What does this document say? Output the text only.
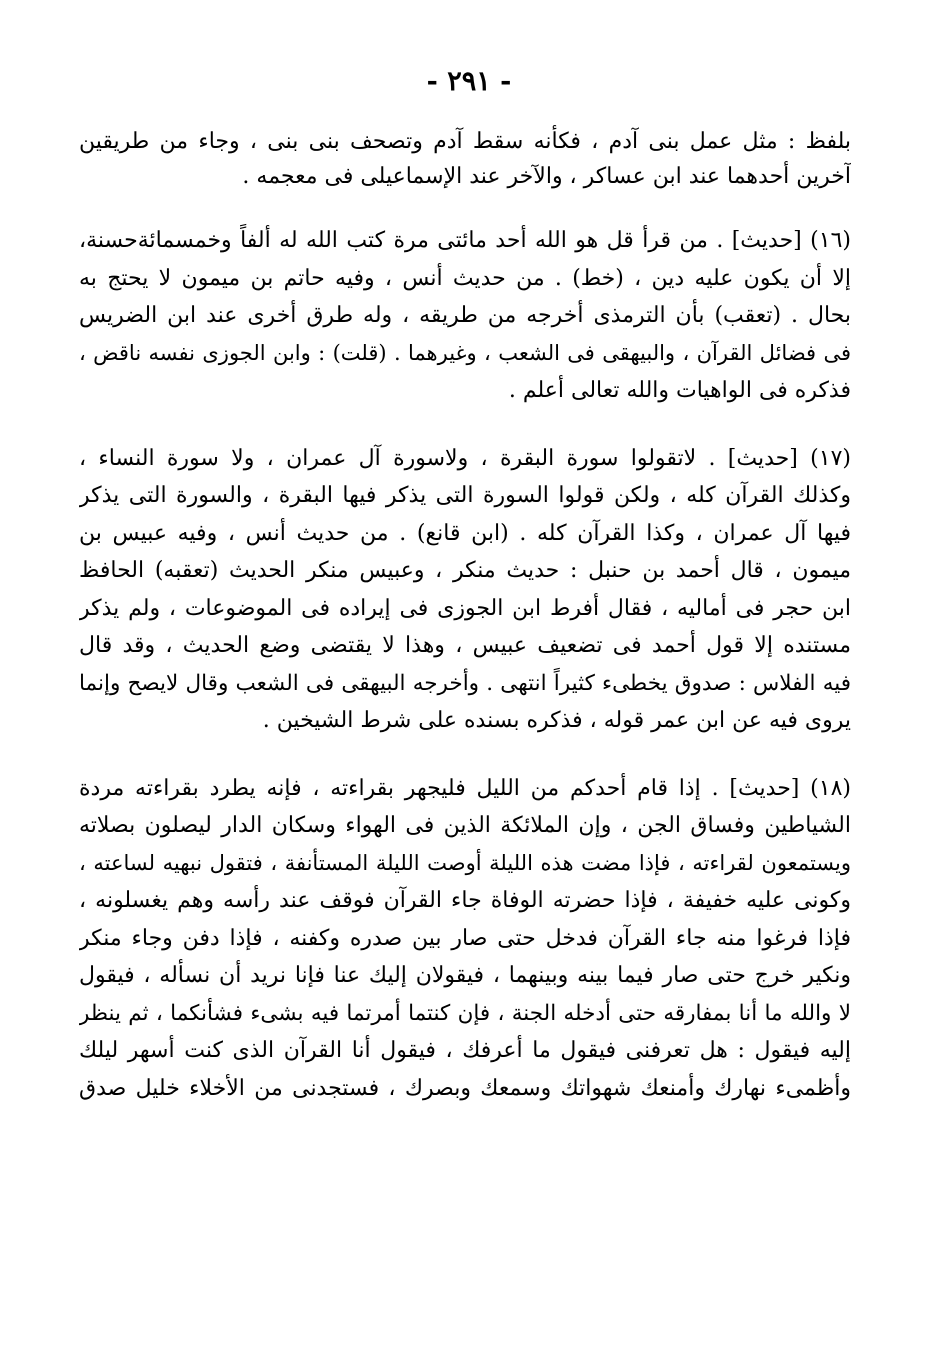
- ٢٩١ -
بلفظ : مثل عمل بنى آدم ، فكأنه سقط آدم وتصحف بنى بنى ، وجاء من طريقين
آخرين أحدهما عند ابن عساكر ، والآخر عند الإسماعيلى فى معجمه .
(١٦) [حديث] . من قرأ قل هو الله أحد مائتى مرة كتب الله له ألفاً وخمسمائةحسنة،
إلا أن يكون عليه دين ، (خط) . من حديث أنس ، وفيه حاتم بن ميمون لا يحتج به
بحال . (تعقب) بأن الترمذى أخرجه من طريقه ، وله طرق أخرى عند ابن الضريس
فى فضائل القرآن ، والبيهقى فى الشعب ، وغيرهما . (قلت) : وابن الجوزى نفسه ناقض ،
فذكره فى الواهيات والله تعالى أعلم .
(١٧) [حديث] . لاتقولوا سورة البقرة ، ولاسورة آل عمران ، ولا سورة النساء ،
وكذلك القرآن كله ، ولكن قولوا السورة التى يذكر فيها البقرة ، والسورة التى يذكر
فيها آل عمران ، وكذا القرآن كله . (ابن قانع) . من حديث أنس ، وفيه عبيس بن
ميمون ، قال أحمد بن حنبل : حديث منكر ، وعبيس منكر الحديث (تعقبه) الحافظ
ابن حجر فى أماليه ، فقال أفرط ابن الجوزى فى إيراده فى الموضوعات ، ولم يذكر
مستنده إلا قول أحمد فى تضعيف عبيس ، وهذا لا يقتضى وضع الحديث ، وقد قال
فيه الفلاس : صدوق يخطىء كثيراً انتهى . وأخرجه البيهقى فى الشعب وقال لايصح وإنما
يروى فيه عن ابن عمر قوله ، فذكره بسنده على شرط الشيخين .
(١٨) [حديث] . إذا قام أحدكم من الليل فليجهر بقراءته ، فإنه يطرد بقراءته مردة
الشياطين وفساق الجن ، وإن الملائكة الذين فى الهواء وسكان الدار ليصلون بصلاته
ويستمعون لقراءته ، فإذا مضت هذه الليلة أوصت الليلة المستأنفة ، فتقول نبهيه لساعته ،
وكونى عليه خفيفة ، فإذا حضرته الوفاة جاء القرآن فوقف عند رأسه وهم يغسلونه ،
فإذا فرغوا منه جاء القرآن فدخل حتى صار بين صدره وكفنه ، فإذا دفن وجاء منكر
ونكير خرج حتى صار فيما بينه وبينهما ، فيقولان إليك عنا فإنا نريد أن نسأله ، فيقول
لا والله ما أنا بمفارقه حتى أدخله الجنة ، فإن كنتما أمرتما فيه بشىء فشأنكما ، ثم ينظر
إليه فيقول : هل تعرفنى فيقول ما أعرفك ، فيقول أنا القرآن الذى كنت أسهر ليلك
وأظمىء نهارك وأمنعك شهواتك وسمعك وبصرك ، فستجدنى من الأخلاء خليل صدق
